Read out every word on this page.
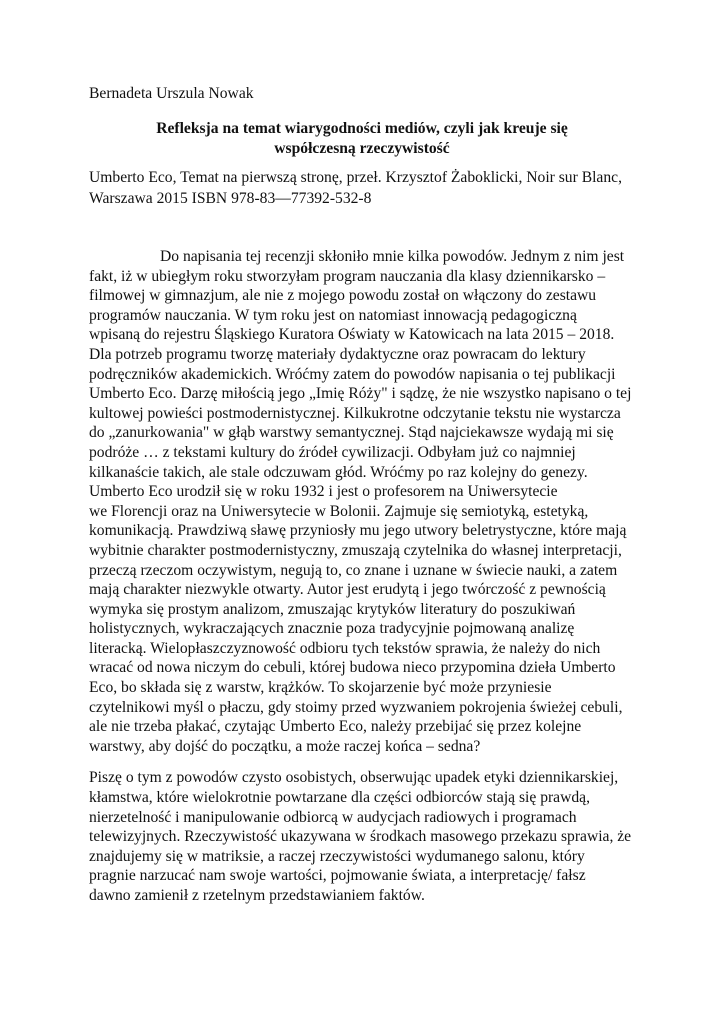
Bernadeta Urszula Nowak
Refleksja na temat wiarygodności mediów, czyli jak kreuje się
współczesną rzeczywistość
Umberto Eco, Temat na pierwszą stronę, przeł. Krzysztof Żaboklicki, Noir sur Blanc,
Warszawa 2015 ISBN 978-83—77392-532-8
Do napisania tej recenzji skłoniło mnie kilka powodów. Jednym z nim jest
fakt, iż w ubiegłym roku stworzyłam program nauczania dla klasy dziennikarsko –
filmowej w gimnazjum, ale nie z mojego powodu został on włączony do zestawu
programów nauczania. W tym roku jest on natomiast innowacją pedagogiczną
wpisaną do rejestru Śląskiego Kuratora Oświaty w Katowicach na lata 2015 – 2018.
Dla potrzeb programu tworzę materiały dydaktyczne oraz powracam do lektury
podręczników akademickich. Wróćmy zatem do powodów napisania o tej publikacji
Umberto Eco. Darzę miłością jego „Imię Róży" i sądzę, że nie wszystko napisano o tej
kultowej powieści postmodernistycznej. Kilkukrotne odczytanie tekstu nie wystarcza
do „zanurkowania" w głąb warstwy semantycznej. Stąd najciekawsze wydają mi się
podróże … z tekstami kultury do źródeł cywilizacji. Odbyłam już co najmniej
kilkanaście takich, ale stale odczuwam głód. Wróćmy po raz kolejny do genezy.
Umberto Eco urodził się w roku 1932 i jest o profesorem na Uniwersytecie
we Florencji oraz na Uniwersytecie w Bolonii. Zajmuje się semiotyką, estetyką,
komunikacją. Prawdziwą sławę przyniosły mu jego utwory beletrystyczne, które mają
wybitnie charakter postmodernistyczny, zmuszają czytelnika do własnej interpretacji,
przeczą rzeczom oczywistym, negują to, co znane i uznane w świecie nauki, a zatem
mają charakter niezwykle otwarty. Autor jest erudytą i jego twórczość z pewnością
wymyka się prostym analizom, zmuszając krytyków literatury do poszukiwań
holistycznych, wykraczających znacznie poza tradycyjnie pojmowaną analizę
literacką. Wielopłaszczyznowość odbioru tych tekstów sprawia, że należy do nich
wracać od nowa niczym do cebuli, której budowa nieco przypomina dzieła Umberto
Eco, bo składa się z warstw, krążków. To skojarzenie być może przyniesie
czytelnikowi myśl o płaczu, gdy stoimy przed wyzwaniem pokrojenia świeżej cebuli,
ale nie trzeba płakać, czytając Umberto Eco, należy przebijać się przez kolejne
warstwy, aby dojść do początku, a może raczej końca – sedna?
Piszę o tym z powodów czysto osobistych, obserwując upadek etyki dziennikarskiej,
kłamstwa, które wielokrotnie powtarzane dla części odbiorców stają się prawdą,
nierzetelność i manipulowanie odbiorcą w audycjach radiowych i programach
telewizyjnych. Rzeczywistość ukazywana w środkach masowego przekazu sprawia, że
znajdujemy się w matriksie, a raczej rzeczywistości wydumanego salonu, który
pragnie narzucać nam swoje wartości, pojmowanie świata, a interpretację/ fałsz
dawno zamienił z rzetelnym przedstawianiem faktów.
